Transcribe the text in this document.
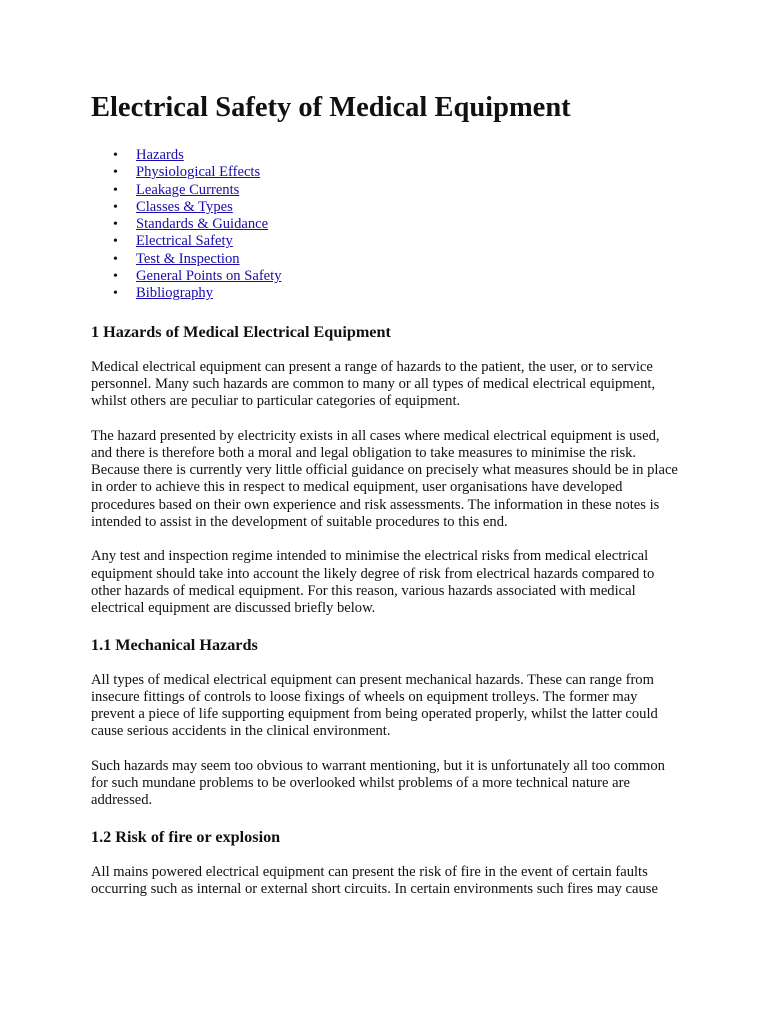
Electrical Safety of Medical Equipment
• Hazards
• Physiological Effects
• Leakage Currents
• Classes & Types
• Standards & Guidance
• Electrical Safety
• Test & Inspection
• General Points on Safety
• Bibliography
1 Hazards of Medical Electrical Equipment

Medical electrical equipment can present a range of hazards to the patient, the user, or to service personnel. Many such hazards are common to many or all types of medical electrical equipment, whilst others are peculiar to particular categories of equipment.

The hazard presented by electricity exists in all cases where medical electrical equipment is used, and there is therefore both a moral and legal obligation to take measures to minimise the risk. Because there is currently very little official guidance on precisely what measures should be in place in order to achieve this in respect to medical equipment, user organisations have developed procedures based on their own experience and risk assessments. The information in these notes is intended to assist in the development of suitable procedures to this end.

Any test and inspection regime intended to minimise the electrical risks from medical electrical equipment should take into account the likely degree of risk from electrical hazards compared to other hazards of medical equipment. For this reason, various hazards associated with medical electrical equipment are discussed briefly below.

1.1 Mechanical Hazards

All types of medical electrical equipment can present mechanical hazards. These can range from insecure fittings of controls to loose fixings of wheels on equipment trolleys. The former may prevent a piece of life supporting equipment from being operated properly, whilst the latter could cause serious accidents in the clinical environment.

Such hazards may seem too obvious to warrant mentioning, but it is unfortunately all too common for such mundane problems to be overlooked whilst problems of a more technical nature are addressed.

1.2 Risk of fire or explosion

All mains powered electrical equipment can present the risk of fire in the event of certain faults occurring such as internal or external short circuits. In certain environments such fires may cause
